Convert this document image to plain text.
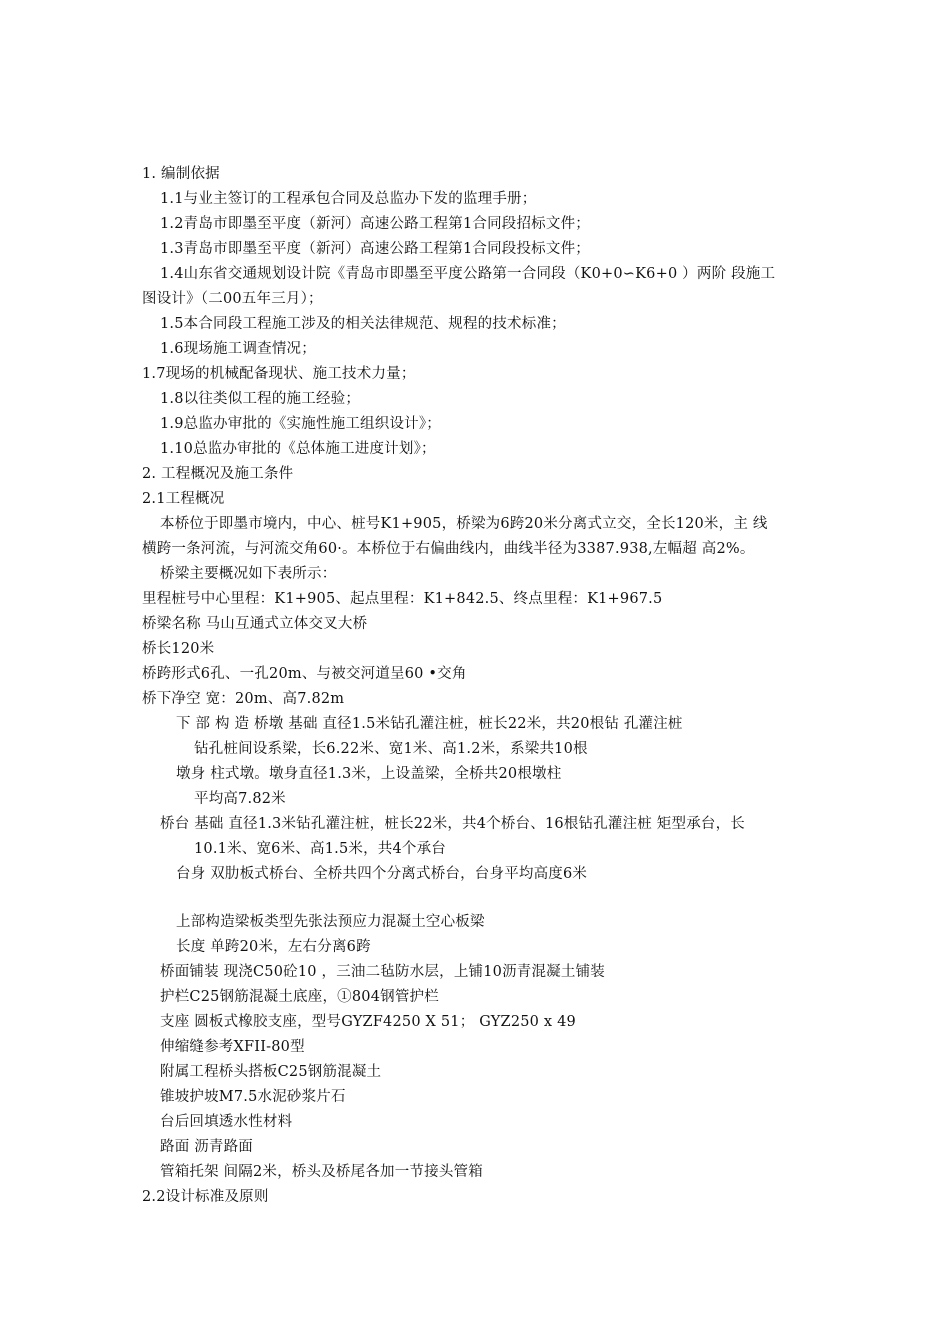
1. 编制依据
1.1与业主签订的工程承包合同及总监办下发的监理手册；
1.2青岛市即墨至平度（新河）高速公路工程第1合同段招标文件；
1.3青岛市即墨至平度（新河）高速公路工程第1合同段投标文件；
1.4山东省交通规划设计院《青岛市即墨至平度公路第一合同段（K0+0∽K6+0 ）两阶 段施工
图设计》（二00五年三月）；
1.5本合同段工程施工涉及的相关法律规范、规程的技术标准；
1.6现场施工调查情况；
1.7现场的机械配备现状、施工技术力量；
1.8以往类似工程的施工经验；
1.9总监办审批的《实施性施工组织设计》；
1.10总监办审批的《总体施工进度计划》；
2. 工程概况及施工条件
2.1工程概况
本桥位于即墨市境内，中心、桩号K1+905，桥梁为6跨20米分离式立交，全长120米，主 线
横跨一条河流，与河流交角60·。本桥位于右偏曲线内，曲线半径为3387.938,左幅超 高2%。
桥梁主要概况如下表所示：
里程桩号中心里程：K1+905、起点里程：K1+842.5、终点里程：K1+967.5
桥梁名称 马山互通式立体交叉大桥
桥长120米
桥跨形式6孔、一孔20m、与被交河道呈60 •交角
桥下净空 宽：20m、高7.82m
下 部 构 造 桥墩 基础 直径1.5米钻孔灌注桩，桩长22米，共20根钻 孔灌注桩
钻孔桩间设系梁，长6.22米、宽1米、高1.2米，系梁共10根
墩身 柱式墩。墩身直径1.3米，上设盖梁，全桥共20根墩柱
平均高7.82米
桥台 基础 直径1.3米钻孔灌注桩，桩长22米，共4个桥台、16根钻孔灌注桩 矩型承台，长
10.1米、宽6米、高1.5米，共4个承台
台身 双肋板式桥台、全桥共四个分离式桥台，台身平均高度6米
上部构造梁板类型先张法预应力混凝土空心板梁
长度 单跨20米，左右分离6跨
桥面铺装 现浇C50砼10 ，三油二毡防水层，上铺10沥青混凝土铺装
护栏C25钢筋混凝土底座，①804钢管护栏
支座 圆板式橡胶支座，型号GYZF4250 X 51； GYZ250 x 49
伸缩缝参考XFII-80型
附属工程桥头搭板C25钢筋混凝土
锥坡护坡M7.5水泥砂浆片石
台后回填透水性材料
路面 沥青路面
管箱托架 间隔2米，桥头及桥尾各加一节接头管箱
2.2设计标准及原则
